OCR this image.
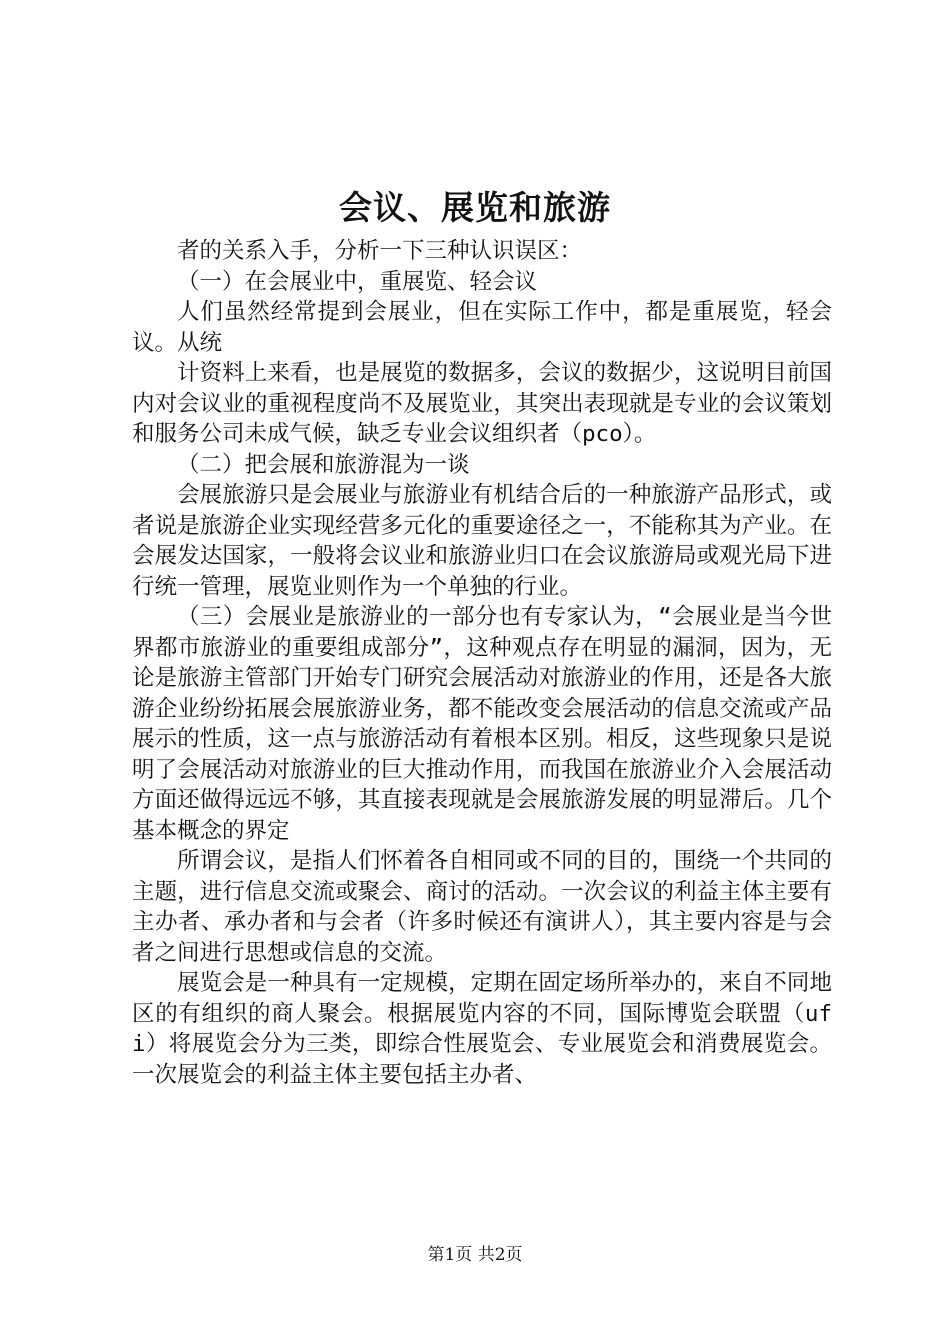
会议、展览和旅游

者的关系入手，分析一下三种认识误区：

（一）在会展业中，重展览、轻会议

人们虽然经常提到会展业，但在实际工作中，都是重展览，轻会议。从统

计资料上来看，也是展览的数据多，会议的数据少，这说明目前国内对会议业的重视程度尚不及展览业，其突出表现就是专业的会议策划和服务公司未成气候，缺乏专业会议组织者（pco）。

（二）把会展和旅游混为一谈

会展旅游只是会展业与旅游业有机结合后的一种旅游产品形式，或者说是旅游企业实现经营多元化的重要途径之一，不能称其为产业。在会展发达国家，一般将会议业和旅游业归口在会议旅游局或观光局下进行统一管理，展览业则作为一个单独的行业。

（三）会展业是旅游业的一部分也有专家认为，“会展业是当今世界都市旅游业的重要组成部分”，这种观点存在明显的漏洞，因为，无论是旅游主管部门开始专门研究会展活动对旅游业的作用，还是各大旅游企业纷纷拓展会展旅游业务，都不能改变会展活动的信息交流或产品展示的性质，这一点与旅游活动有着根本区别。相反，这些现象只是说明了会展活动对旅游业的巨大推动作用，而我国在旅游业介入会展活动方面还做得远远不够，其直接表现就是会展旅游发展的明显滞后。几个基本概念的界定

所谓会议，是指人们怀着各自相同或不同的目的，围绕一个共同的主题，进行信息交流或聚会、商讨的活动。一次会议的利益主体主要有主办者、承办者和与会者（许多时候还有演讲人），其主要内容是与会者之间进行思想或信息的交流。

展览会是一种具有一定规模，定期在固定场所举办的，来自不同地区的有组织的商人聚会。根据展览内容的不同，国际博览会联盟（ufi）将展览会分为三类，即综合性展览会、专业展览会和消费展览会。一次展览会的利益主体主要包括主办者、

第1页 共2页
